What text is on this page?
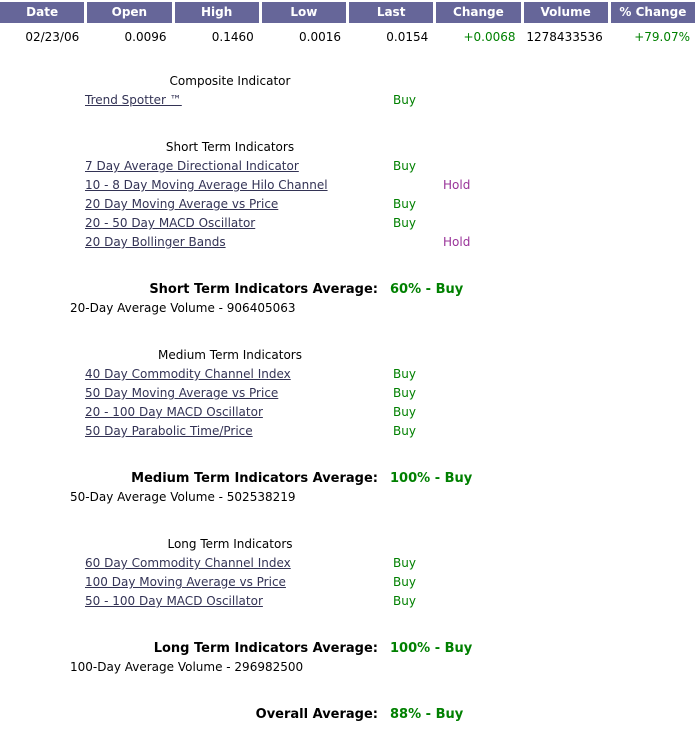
Date	Open	High	Low	Last	Change	Volume	% Change
02/23/06	0.0096	0.1460	0.0016	0.0154	+0.0068 1278433536	+79.07%
Composite Indicator
Trend Spotter ™	Buy
Short Term Indicators
7 Day Average Directional Indicator	Buy
10 - 8 Day Moving Average Hilo Channel	Hold
20 Day Moving Average vs Price	Buy
20 - 50 Day MACD Oscillator	Buy
20 Day Bollinger Bands	Hold
Short Term Indicators Average: 60% - Buy
20-Day Average Volume - 906405063
Medium Term Indicators
40 Day Commodity Channel Index	Buy
50 Day Moving Average vs Price	Buy
20 - 100 Day MACD Oscillator	Buy
50 Day Parabolic Time/Price	Buy
Medium Term Indicators Average: 100% - Buy
50-Day Average Volume - 502538219
Long Term Indicators
60 Day Commodity Channel Index	Buy
100 Day Moving Average vs Price	Buy
50 - 100 Day MACD Oscillator	Buy
Long Term Indicators Average: 100% - Buy
100-Day Average Volume - 296982500
Overall Average: 88% - Buy
